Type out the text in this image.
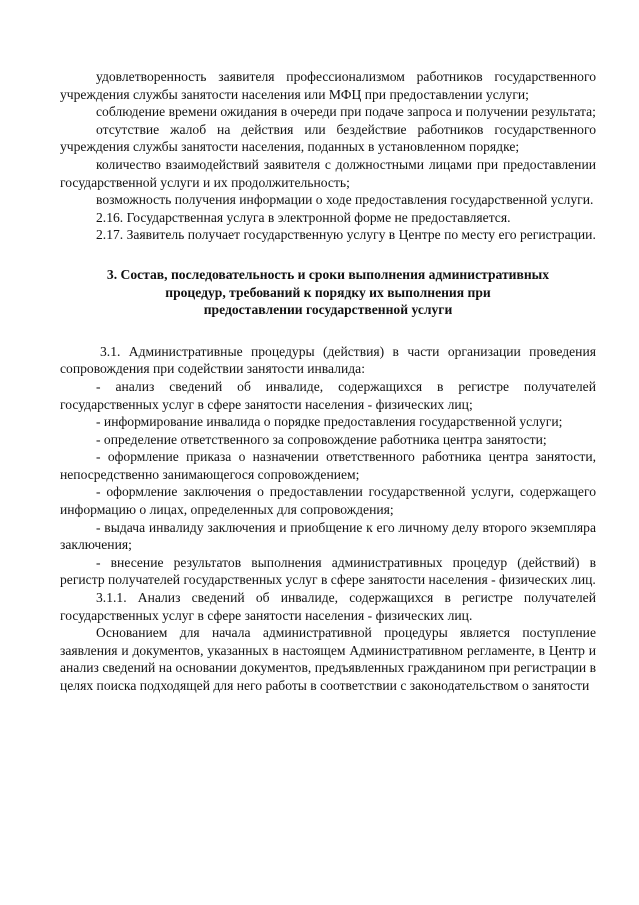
удовлетворенность заявителя профессионализмом работников государственного учреждения службы занятости населения или МФЦ при предоставлении услуги;

соблюдение времени ожидания в очереди при подаче запроса и получении результата;

отсутствие жалоб на действия или бездействие работников государственного учреждения службы занятости населения, поданных в установленном порядке;

количество взаимодействий заявителя с должностными лицами при предоставлении государственной услуги и их продолжительность;

возможность получения информации о ходе предоставления государственной услуги.

2.16. Государственная услуга в электронной форме не предоставляется.

2.17. Заявитель получает государственную услугу в Центре по месту его регистрации.

3. Состав, последовательность и сроки выполнения административных
процедур, требований к порядку их выполнения при
предоставлении государственной услуги

3.1. Административные процедуры (действия) в части организации проведения сопровождения при содействии занятости инвалида:

- анализ сведений об инвалиде, содержащихся в регистре получателей государственных услуг в сфере занятости населения - физических лиц;

- информирование инвалида о порядке предоставления государственной услуги;

- определение ответственного за сопровождение работника центра занятости;

- оформление приказа о назначении ответственного работника центра занятости, непосредственно занимающегося сопровождением;

- оформление заключения о предоставлении государственной услуги, содержащего информацию о лицах, определенных для сопровождения;

- выдача инвалиду заключения и приобщение к его личному делу второго экземпляра заключения;

- внесение результатов выполнения административных процедур (действий) в регистр получателей государственных услуг в сфере занятости населения - физических лиц.

3.1.1. Анализ сведений об инвалиде, содержащихся в регистре получателей государственных услуг в сфере занятости населения - физических лиц.

Основанием для начала административной процедуры является поступление заявления и документов, указанных в настоящем Административном регламенте, в Центр и анализ сведений на основании документов, предъявленных гражданином при регистрации в целях поиска подходящей для него работы в соответствии с законодательством о занятости
